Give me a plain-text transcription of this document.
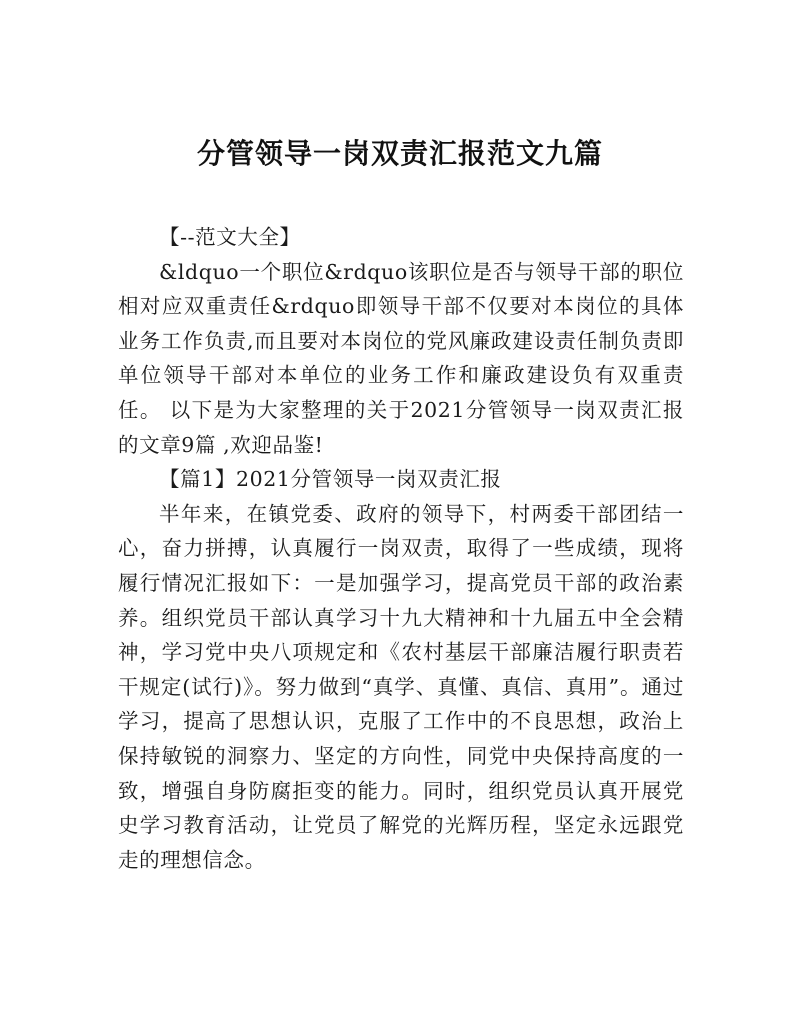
分管领导一岗双责汇报范文九篇

【--范文大全】

&ldquo一个职位&rdquo该职位是否与领导干部的职位相对应双重责任&rdquo即领导干部不仅要对本岗位的具体业务工作负责,而且要对本岗位的党风廉政建设责任制负责即单位领导干部对本单位的业务工作和廉政建设负有双重责任。 以下是为大家整理的关于2021分管领导一岗双责汇报的文章9篇 ,欢迎品鉴!

【篇1】2021分管领导一岗双责汇报

半年来，在镇党委、政府的领导下，村两委干部团结一心，奋力拼搏，认真履行一岗双责，取得了一些成绩，现将履行情况汇报如下：一是加强学习，提高党员干部的政治素养。组织党员干部认真学习十九大精神和十九届五中全会精神，学习党中央八项规定和《农村基层干部廉洁履行职责若干规定(试行)》。努力做到“真学、真懂、真信、真用”。通过学习，提高了思想认识，克服了工作中的不良思想，政治上保持敏锐的洞察力、坚定的方向性，同党中央保持高度的一致，增强自身防腐拒变的能力。同时，组织党员认真开展党史学习教育活动，让党员了解党的光辉历程，坚定永远跟党走的理想信念。
